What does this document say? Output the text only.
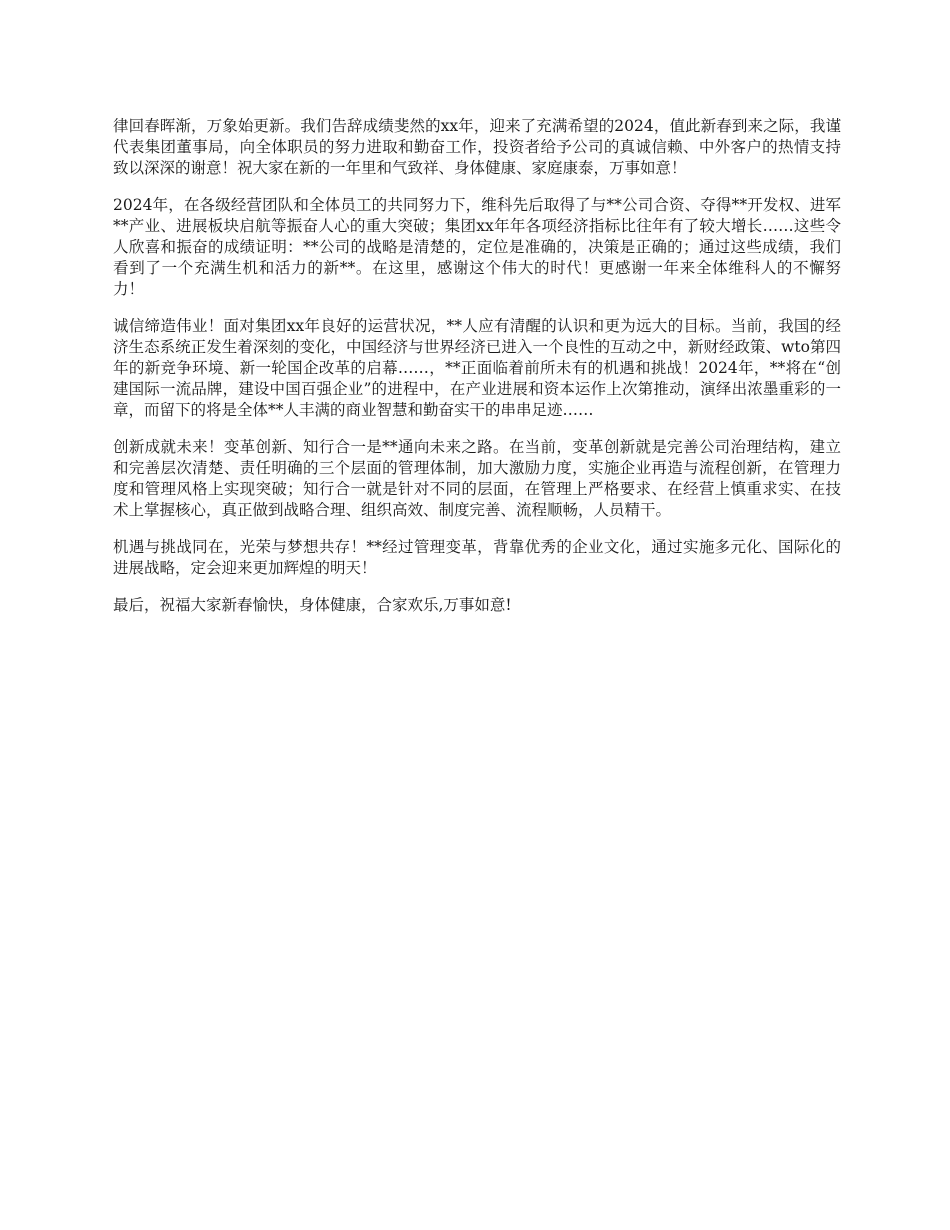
律回春晖渐，万象始更新。我们告辞成绩斐然的xx年，迎来了充满希望的2024，值此新春到来之际，我谨代表集团董事局，向全体职员的努力进取和勤奋工作，投资者给予公司的真诚信赖、中外客户的热情支持致以深深的谢意！祝大家在新的一年里和气致祥、身体健康、家庭康泰，万事如意！

2024年，在各级经营团队和全体员工的共同努力下，维科先后取得了与**公司合资、夺得**开发权、进军**产业、进展板块启航等振奋人心的重大突破；集团xx年年各项经济指标比往年有了较大增长……这些令人欣喜和振奋的成绩证明：**公司的战略是清楚的，定位是准确的，决策是正确的；通过这些成绩，我们看到了一个充满生机和活力的新**。在这里，感谢这个伟大的时代！更感谢一年来全体维科人的不懈努力！

诚信缔造伟业！面对集团xx年良好的运营状况，**人应有清醒的认识和更为远大的目标。当前，我国的经济生态系统正发生着深刻的变化，中国经济与世界经济已进入一个良性的互动之中，新财经政策、wto第四年的新竞争环境、新一轮国企改革的启幕……，**正面临着前所未有的机遇和挑战！2024年，**将在“创建国际一流品牌，建设中国百强企业”的进程中，在产业进展和资本运作上次第推动，演绎出浓墨重彩的一章，而留下的将是全体**人丰满的商业智慧和勤奋实干的串串足迹……

创新成就未来！变革创新、知行合一是**通向未来之路。在当前，变革创新就是完善公司治理结构，建立和完善层次清楚、责任明确的三个层面的管理体制，加大激励力度，实施企业再造与流程创新，在管理力度和管理风格上实现突破；知行合一就是针对不同的层面，在管理上严格要求、在经营上慎重求实、在技术上掌握核心，真正做到战略合理、组织高效、制度完善、流程顺畅，人员精干。

机遇与挑战同在，光荣与梦想共存！**经过管理变革，背靠优秀的企业文化，通过实施多元化、国际化的进展战略，定会迎来更加辉煌的明天！

最后，祝福大家新春愉快，身体健康，合家欢乐,万事如意!
